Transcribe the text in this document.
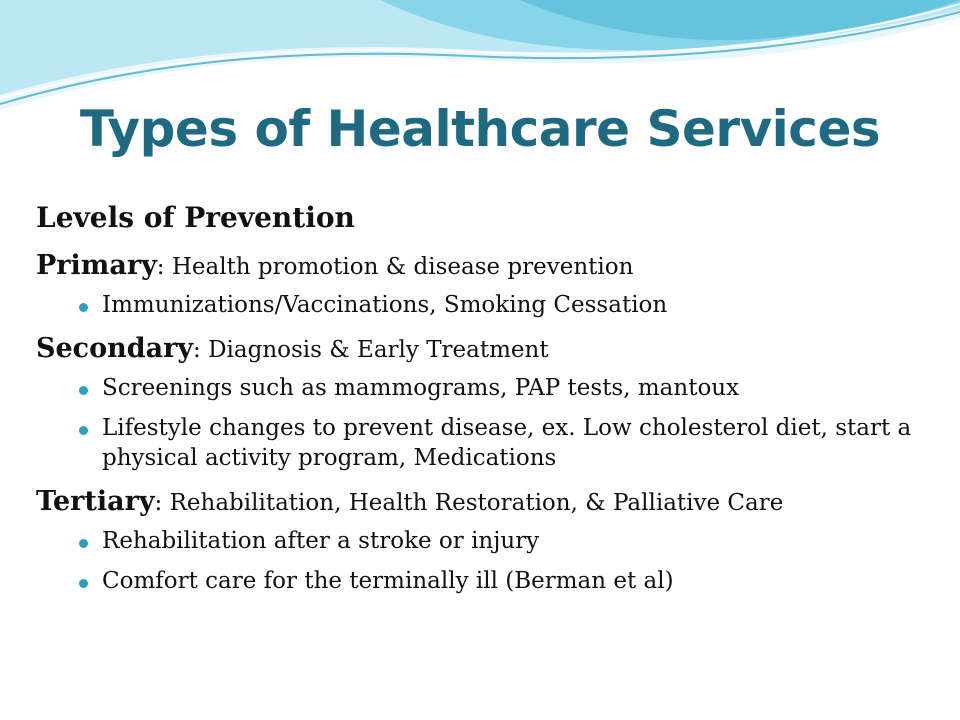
Types of Healthcare Services
Levels of Prevention
Primary: Health promotion & disease prevention
Immunizations/Vaccinations, Smoking Cessation
Secondary: Diagnosis & Early Treatment
Screenings such as mammograms, PAP tests, mantoux
Lifestyle changes to prevent disease, ex. Low cholesterol diet, start a physical activity program, Medications
Tertiary: Rehabilitation, Health Restoration, & Palliative Care
Rehabilitation after a stroke or injury
Comfort care for the terminally ill (Berman et al)
